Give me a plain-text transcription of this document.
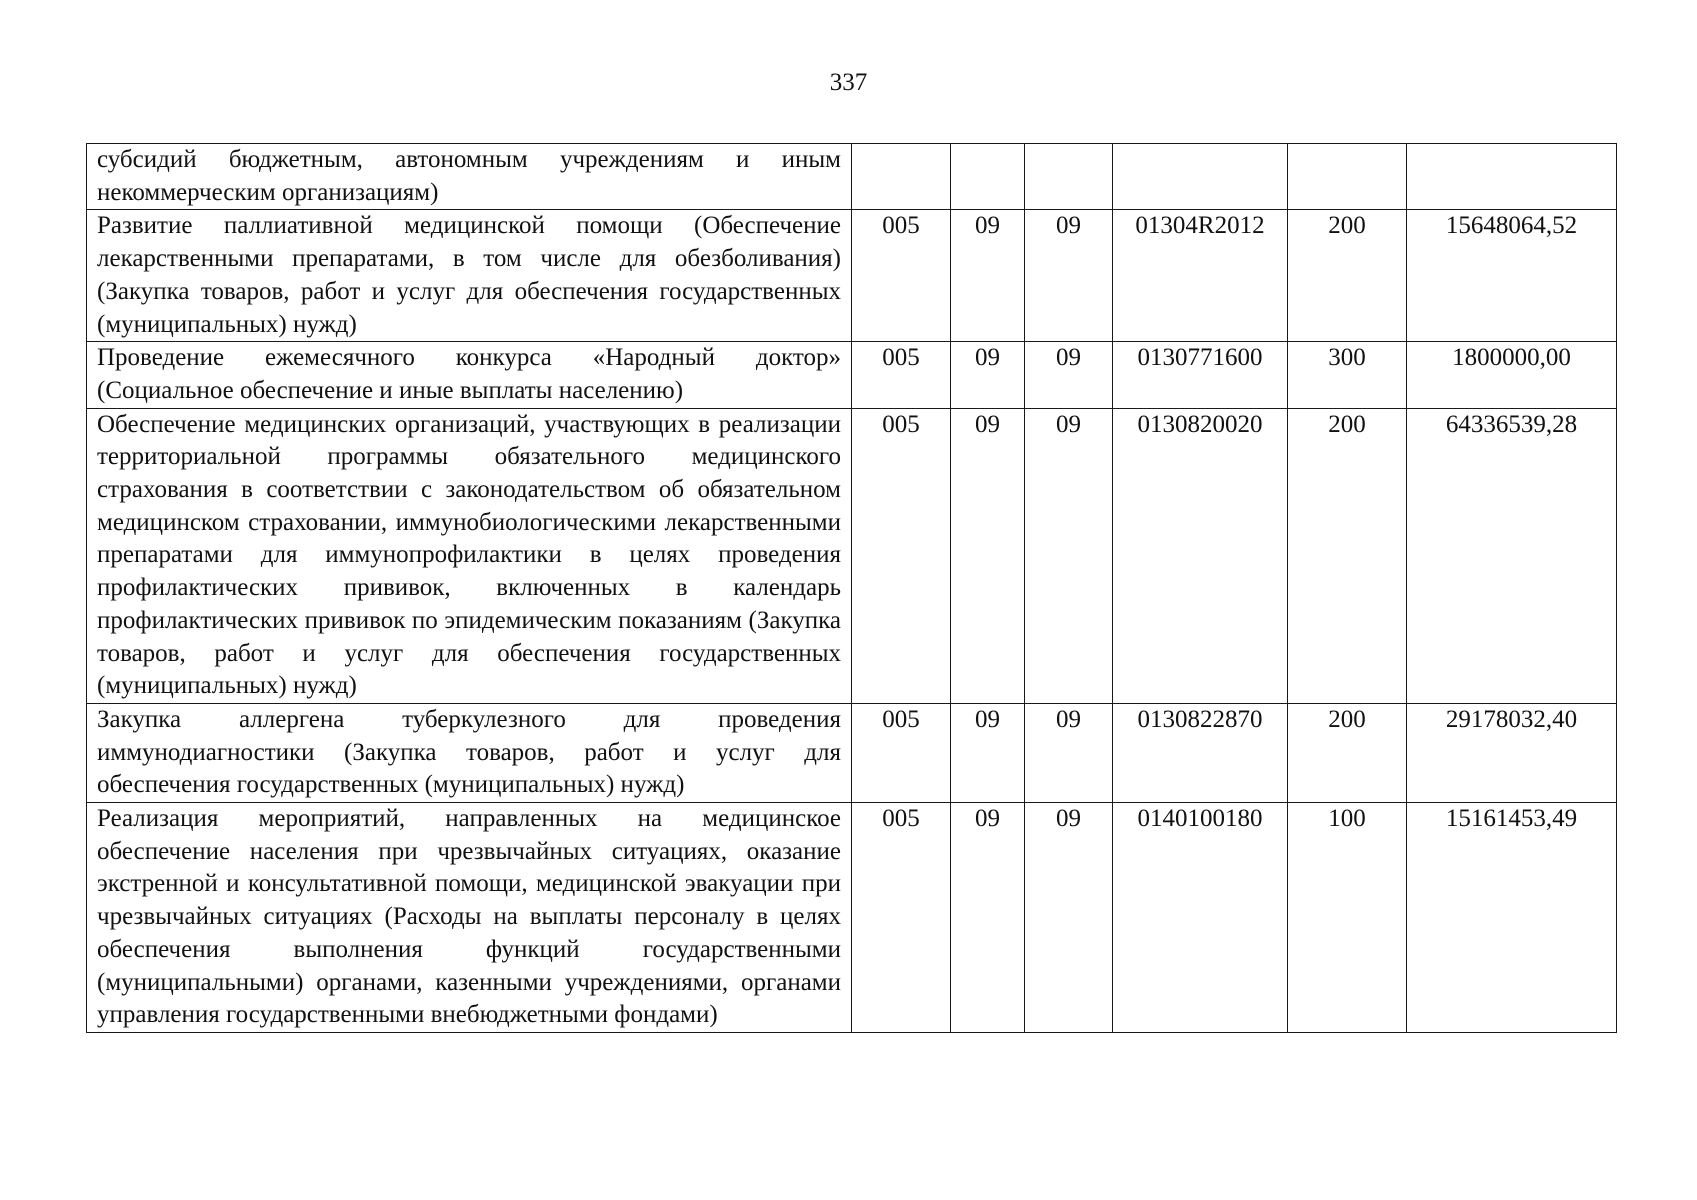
337
субсидий бюджетным, автономным учреждениям и иным некоммерческим организациям)						
Развитие паллиативной медицинской помощи (Обеспечение лекарственными препаратами, в том числе для обезболивания) (Закупка товаров, работ и услуг для обеспечения государственных (муниципальных) нужд)	005	09	09	01304R2012	200	15648064,52
Проведение ежемесячного конкурса «Народный доктор» (Социальное обеспечение и иные выплаты населению)	005	09	09	0130771600	300	1800000,00
Обеспечение медицинских организаций, участвующих в реализации территориальной программы обязательного медицинского страхования в соответствии с законодательством об обязательном медицинском страховании, иммунобиологическими лекарственными препаратами для иммунопрофилактики в целях проведения профилактических прививок, включенных в календарь профилактических прививок по эпидемическим показаниям (Закупка товаров, работ и услуг для обеспечения государственных (муниципальных) нужд)	005	09	09	0130820020	200	64336539,28
Закупка аллергена туберкулезного для проведения иммунодиагностики (Закупка товаров, работ и услуг для обеспечения государственных (муниципальных) нужд)	005	09	09	0130822870	200	29178032,40
Реализация мероприятий, направленных на медицинское обеспечение населения при чрезвычайных ситуациях, оказание экстренной и консультативной помощи, медицинской эвакуации при чрезвычайных ситуациях (Расходы на выплаты персоналу в целях обеспечения выполнения функций государственными (муниципальными) органами, казенными учреждениями, органами управления государственными внебюджетными фондами)	005	09	09	0140100180	100	15161453,49
